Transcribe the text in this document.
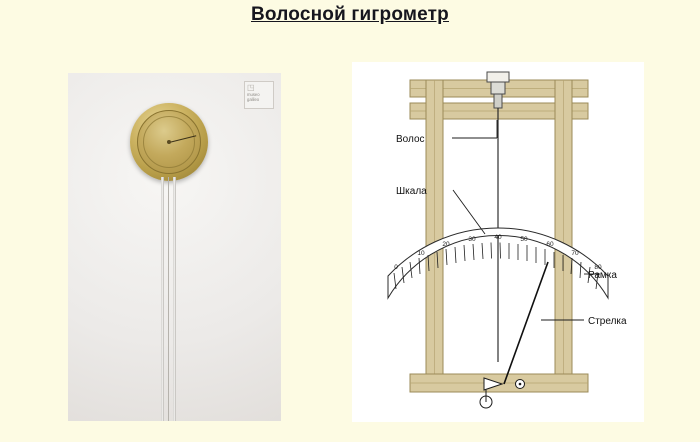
Волосной гигрометр
◳
museo
galileo
0
10
20
30	40	50
60
70
80
Волос
Шкала
Рамка
Стрелка
